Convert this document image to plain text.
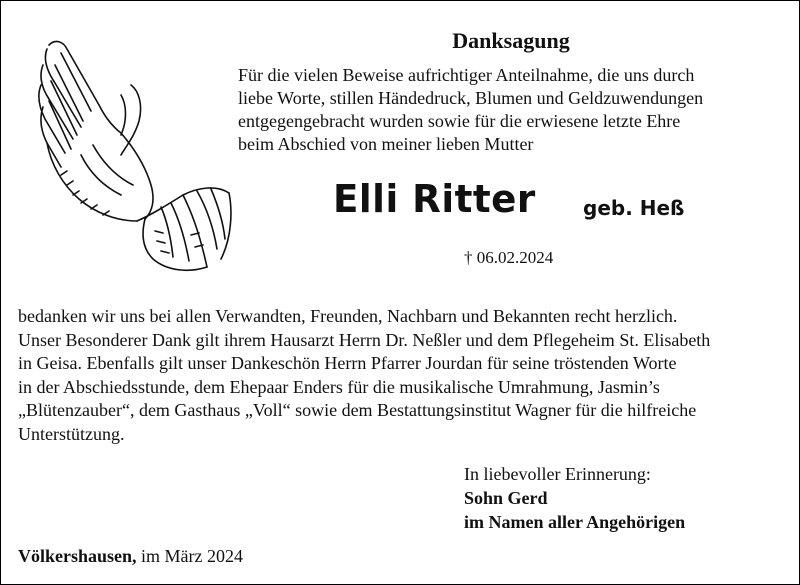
Danksagung
Für die vielen Beweise aufrichtiger Anteilnahme, die uns durch
liebe Worte, stillen Händedruck, Blumen und Geldzuwendungen
entgegengebracht wurden sowie für die erwiesene letzte Ehre
beim Abschied von meiner lieben Mutter
Elli Ritter geb. Heß
† 06.02.2024
bedanken wir uns bei allen Verwandten, Freunden, Nachbarn und Bekannten recht herzlich.
Unser Besonderer Dank gilt ihrem Hausarzt Herrn Dr. Neßler und dem Pflegeheim St. Elisabeth
in Geisa. Ebenfalls gilt unser Dankeschön Herrn Pfarrer Jourdan für seine tröstenden Worte
in der Abschiedsstunde, dem Ehepaar Enders für die musikalische Umrahmung, Jasmin’s
„Blütenzauber“, dem Gasthaus „Voll“ sowie dem Bestattungsinstitut Wagner für die hilfreiche
Unterstützung.
In liebevoller Erinnerung:
Sohn Gerd
im Namen aller Angehörigen
Völkershausen, im März 2024
